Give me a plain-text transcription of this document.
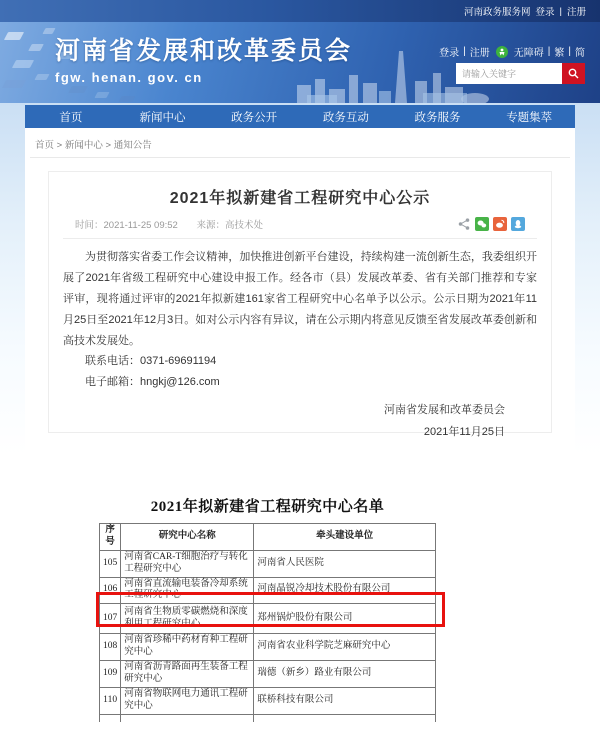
河南政务服务网 登录 | 注册
河南省发展和改革委员会
fgw. henan. gov. cn
登录 | 注册 无障碍 | 繁 | 简
请输入关键字
首页	新闻中心	政务公开	政务互动	政务服务	专题集萃
首页 > 新闻中心 > 通知公告
2021年拟新建省工程研究中心公示
时间：2021-11-25 09:52 来源：高技术处

为贯彻落实省委工作会议精神，加快推进创新平台建设，持续构建一流创新生态，我委组织开展了2021年省级工程研究中心建设申报工作。经各市（县）发展改革委、省有关部门推荐和专家评审，现将通过评审的2021年拟新建161家省工程研究中心名单予以公示。公示日期为2021年11月25日至2021年12月3日。如对公示内容有异议，请在公示期内将意见反馈至省发展改革委创新和高技术发展处。

联系电话：0371-69691194

电子邮箱：hngkj@126.com

河南省发展和改革委员会
2021年11月25日
2021年拟新建省工程研究中心名单
序号	研究中心名称	牵头建设单位
105	河南省CAR-T细胞治疗与转化工程研究中心	河南省人民医院
106	河南省直流输电装备冷却系统工程研究中心	河南晶锐冷却技术股份有限公司
107	河南省生物质零碳燃烧和深度利用工程研究中心	郑州锅炉股份有限公司
108	河南省珍稀中药材育种工程研究中心	河南省农业科学院芝麻研究中心
109	河南省沥青路面再生装备工程研究中心	瑞德（新乡）路业有限公司
110	河南省物联网电力通讯工程研究中心	联桥科技有限公司
